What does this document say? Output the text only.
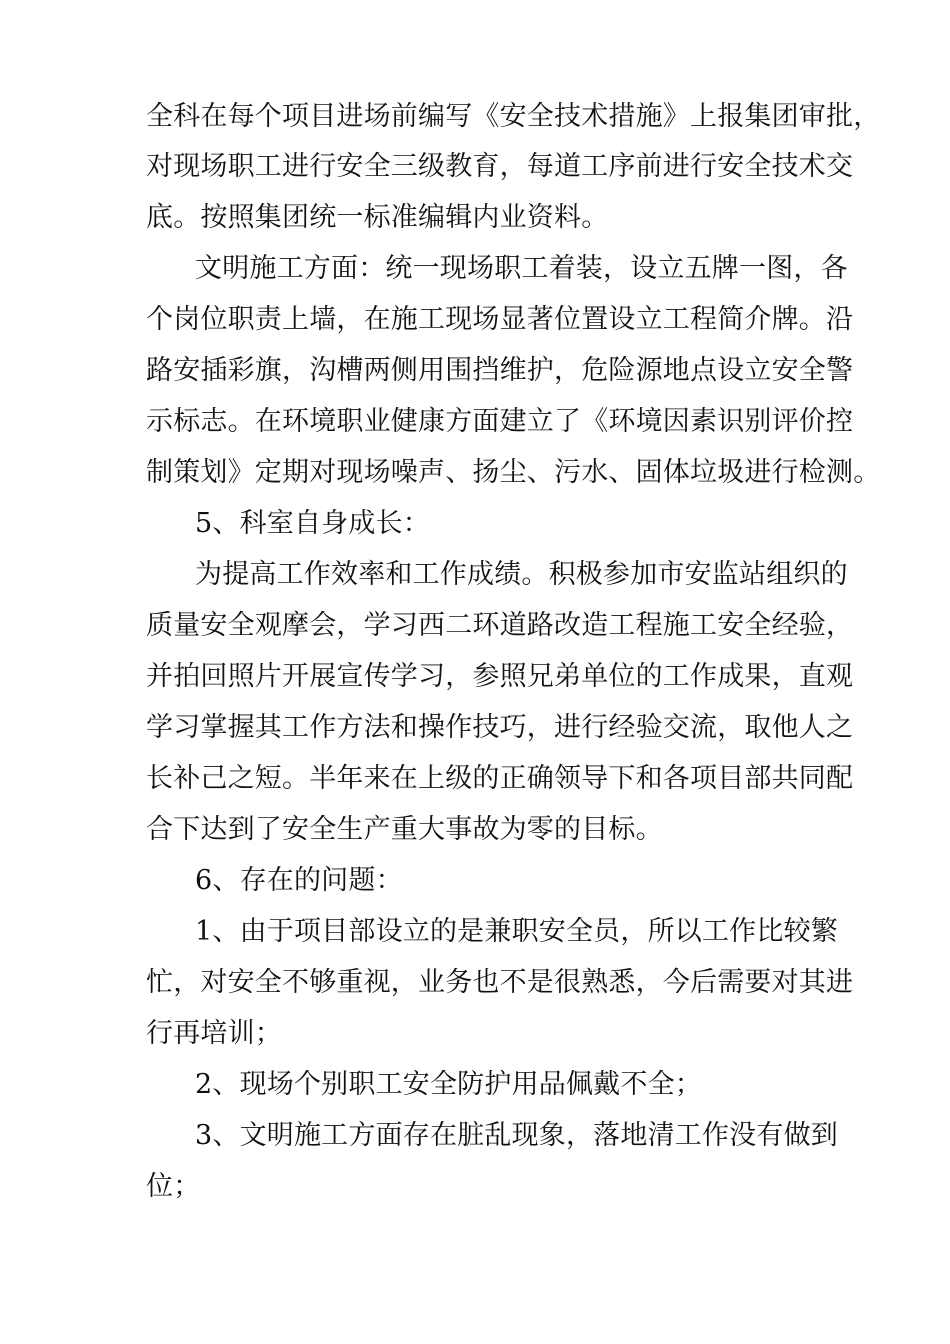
全科在每个项目进场前编写《安全技术措施》上报集团审批，
对现场职工进行安全三级教育，每道工序前进行安全技术交
底。按照集团统一标准编辑内业资料。
文明施工方面：统一现场职工着装，设立五牌一图，各
个岗位职责上墙，在施工现场显著位置设立工程简介牌。沿
路安插彩旗，沟槽两侧用围挡维护，危险源地点设立安全警
示标志。在环境职业健康方面建立了《环境因素识别评价控
制策划》定期对现场噪声、扬尘、污水、固体垃圾进行检测。
5、科室自身成长：
为提高工作效率和工作成绩。积极参加市安监站组织的
质量安全观摩会，学习西二环道路改造工程施工安全经验，
并拍回照片开展宣传学习，参照兄弟单位的工作成果，直观
学习掌握其工作方法和操作技巧，进行经验交流，取他人之
长补己之短。半年来在上级的正确领导下和各项目部共同配
合下达到了安全生产重大事故为零的目标。
6、存在的问题：
1、由于项目部设立的是兼职安全员，所以工作比较繁
忙，对安全不够重视，业务也不是很熟悉，今后需要对其进
行再培训；
2、现场个别职工安全防护用品佩戴不全；
3、文明施工方面存在脏乱现象，落地清工作没有做到
位；
